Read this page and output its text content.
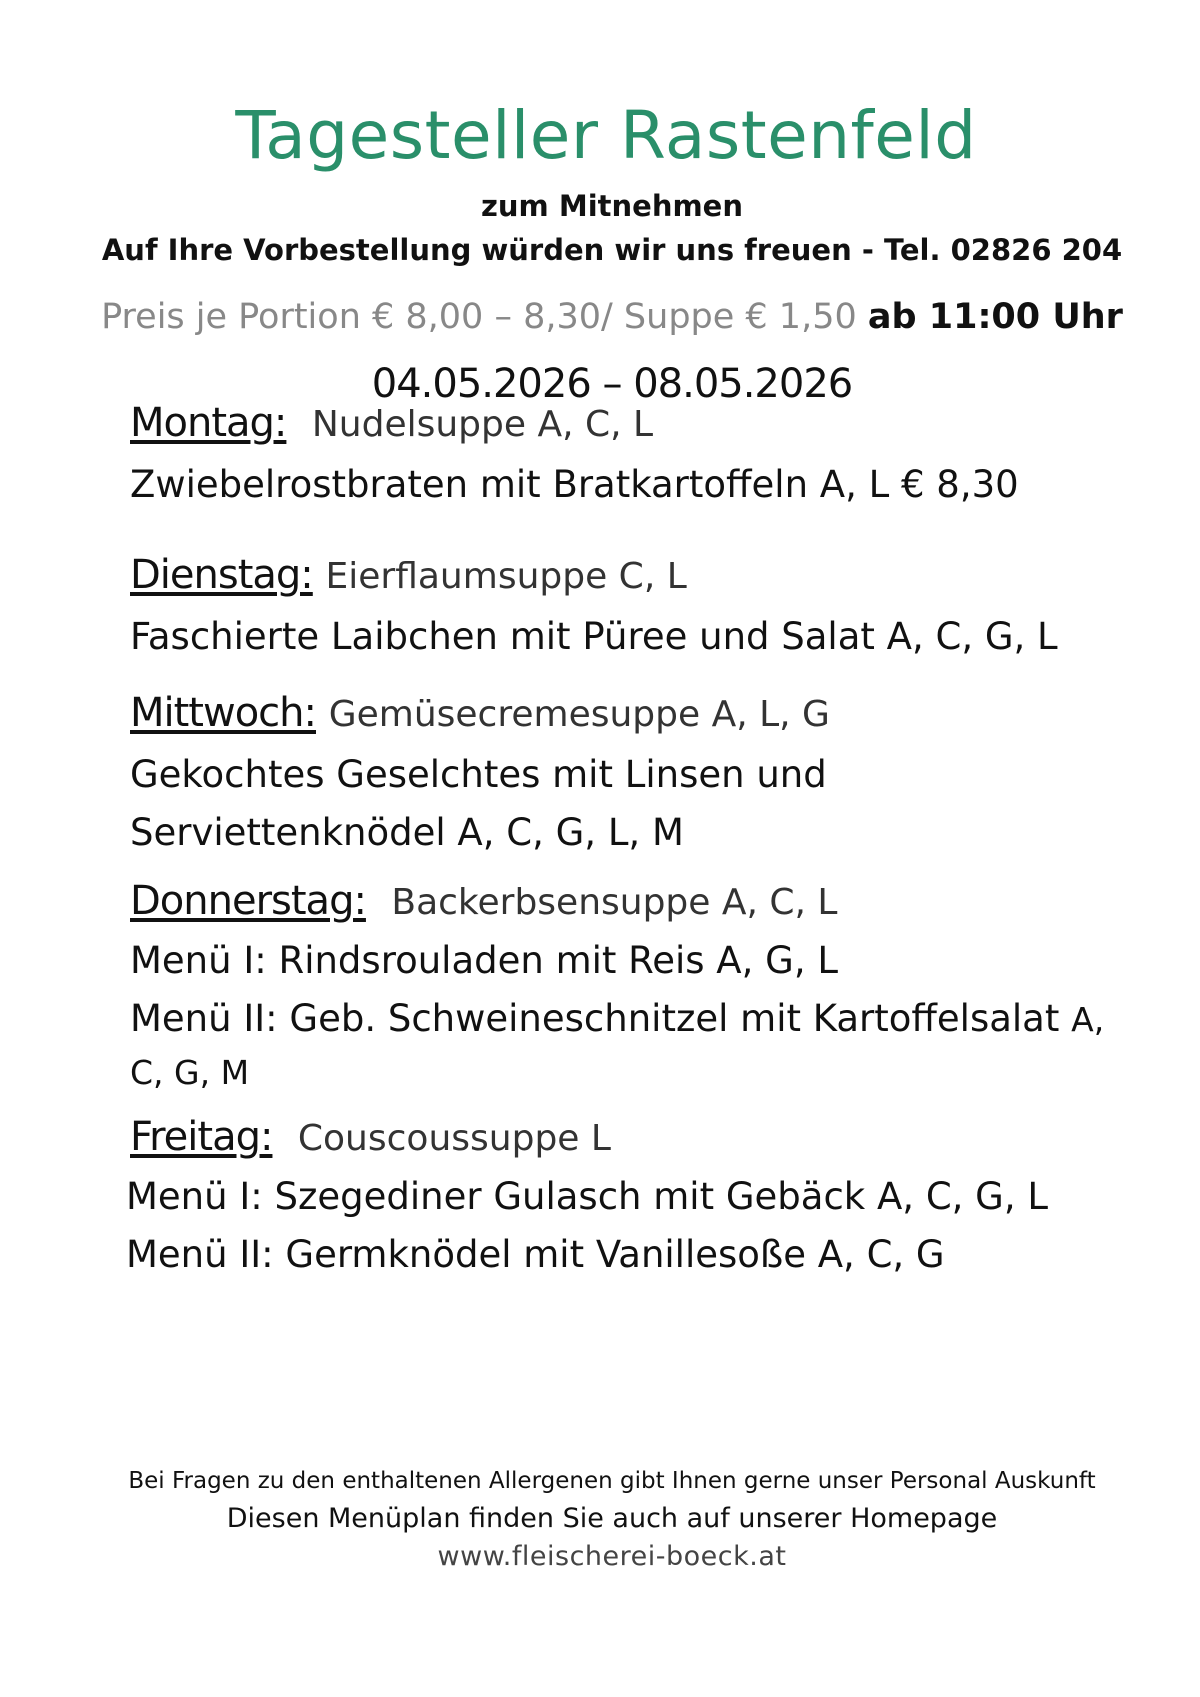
Tagesteller Rastenfeld
zum Mitnehmen
Auf Ihre Vorbestellung würden wir uns freuen - Tel. 02826 204
Preis je Portion € 8,00 – 8,30/ Suppe € 1,50 ab 11:00 Uhr
04.05.2026 – 08.05.2026
Montag: Nudelsuppe A, C, L
Zwiebelrostbraten mit Bratkartoffeln A, L € 8,30
Dienstag: Eierflaumsuppe C, L
Faschierte Laibchen mit Püree und Salat A, C, G, L
Mittwoch: Gemüsecremesuppe A, L, G
Gekochtes Geselchtes mit Linsen und
Serviettenknödel A, C, G, L, M
Donnerstag: Backerbsensuppe A, C, L
Menü I: Rindsrouladen mit Reis A, G, L
Menü II: Geb. Schweineschnitzel mit Kartoffelsalat A,
C, G, M
Freitag: Couscoussuppe L
Menü I: Szegediner Gulasch mit Gebäck A, C, G, L
Menü II: Germknödel mit Vanillesoße A, C, G
Bei Fragen zu den enthaltenen Allergenen gibt Ihnen gerne unser Personal Auskunft
Diesen Menüplan finden Sie auch auf unserer Homepage
www.fleischerei-boeck.at
